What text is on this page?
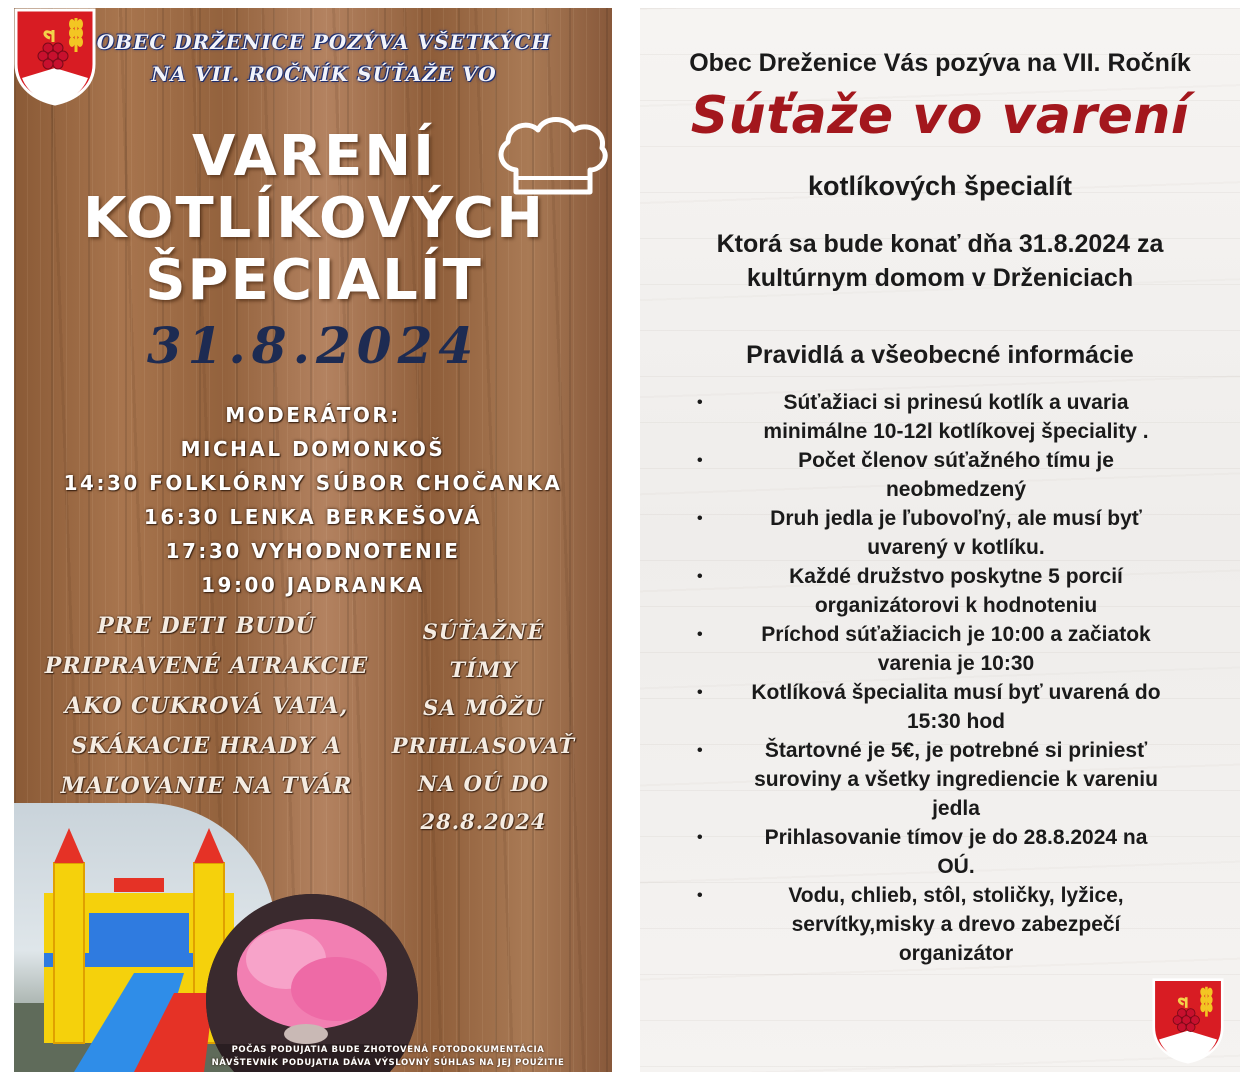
OBEC DRŽENICE POZÝVA VŠETKÝCH
NA VII. ROČNÍK SÚŤAŽE VO
VARENÍ
KOTLÍKOVÝCH
ŠPECIALÍT
31.8.2024
MODERÁTOR:
MICHAL DOMONKOŠ
14:30 FOLKLÓRNY SÚBOR CHOČANKA
16:30 LENKA BERKEŠOVÁ
17:30 VYHODNOTENIE
19:00 JADRANKA
PRE DETI BUDÚ
PRIPRAVENÉ ATRAKCIE
AKO CUKROVÁ VATA,
SKÁKACIE HRADY A
MAĽOVANIE NA TVÁR
SÚŤAŽNÉ TÍMY
SA MÔŽU
PRIHLASOVAŤ
NA OÚ DO
28.8.2024
POČAS PODUJATIA BUDE ZHOTOVENÁ FOTODOKUMENTÁCIA
NÁVŠTEVNÍK PODUJATIA DÁVA VÝSLOVNÝ SÚHLAS NA JEJ POUŽITIE
Obec Dreženice Vás pozýva na VII. Ročník
Súťaže vo varení
kotlíkových špecialít
Ktorá sa bude konať dňa 31.8.2024 za
kultúrnym domom v Drženiciach
Pravidlá a všeobecné informácie
•	Súťažiaci si prinesú kotlík a uvaria
minimálne 10-12l kotlíkovej špeciality .
•	Počet členov súťažného tímu je
neobmedzený
•	Druh jedla je ľubovoľný, ale musí byť
uvarený v kotlíku.
•	Každé družstvo poskytne 5 porcií
organizátorovi k hodnoteniu
•	Príchod súťažiacich je 10:00 a začiatok
varenia je 10:30
•	Kotlíková špecialita musí byť uvarená do
15:30 hod
•	Štartovné je 5€, je potrebné si priniesť
suroviny a všetky ingrediencie k vareniu
jedla
•	Prihlasovanie tímov je do 28.8.2024 na
OÚ.
•	Vodu, chlieb, stôl, stoličky, lyžice,
servítky,misky a drevo zabezpečí
organizátor
